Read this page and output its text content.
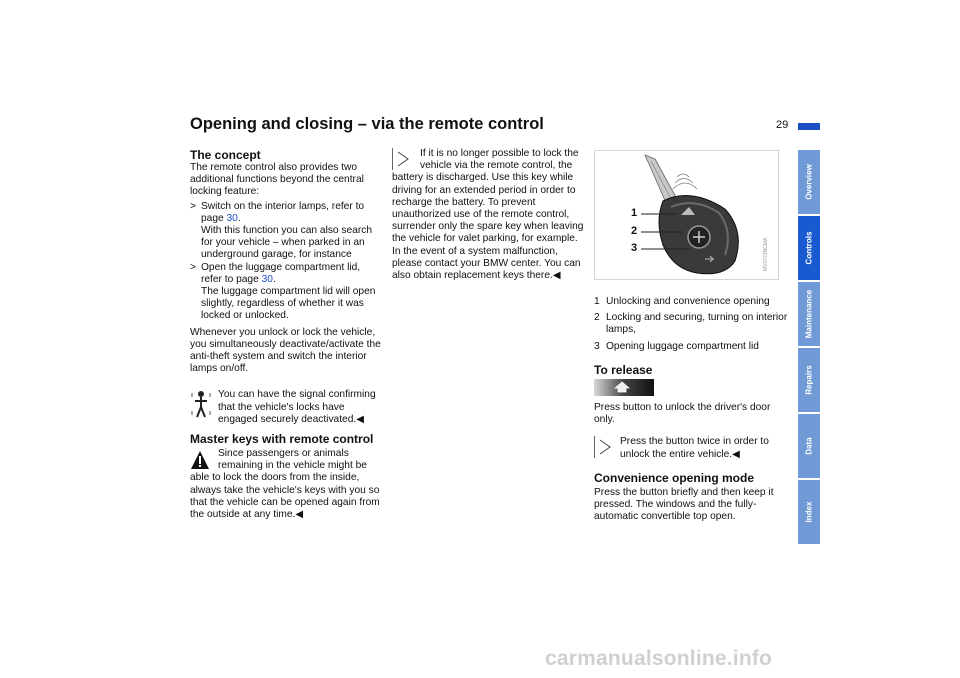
Opening and closing – via the remote control	29
The concept

The remote control also provides two additional functions beyond the central locking feature:

> Switch on the interior lamps, refer to
page 30.
With this function you can also search for your vehicle – when parked in an underground garage, for instance
> Open the luggage compartment lid,
refer to page 30.
The luggage compartment lid will open slightly, regardless of whether it was locked or unlocked.

Whenever you unlock or lock the vehicle, you simultaneously deactivate/activate the anti-theft system and switch the interior lamps on/off.

You can have the signal confirming that the vehicle's locks have engaged securely deactivated.◀

Master keys with remote control

Since passengers or animals remaining in the vehicle might be able to lock the doors from the inside, always take the vehicle's keys with you so that the vehicle can be opened again from the outside at any time.◀

If it is no longer possible to lock the vehicle via the remote control, the battery is discharged. Use this key while driving for an extended period in order to recharge the battery. To prevent unauthorized use of the remote control, surrender only the spare key when leaving the vehicle for valet parking, for example. In the event of a system malfunction, please contact your BMW center. You can also obtain replacement keys there.◀

1
2
3	MV0722NCMA
1 Unlocking and convenience opening
2 Locking and securing, turning on interior lamps,
3 Opening luggage compartment lid
To release

Press button to unlock the driver's door only.

Press the button twice in order to unlock the entire vehicle.◀

Convenience opening mode

Press the button briefly and then keep it pressed. The windows and the fully-automatic convertible top open.

Overview
Controls
Maintenance
Repairs
Data
Index
carmanualsonline.info
